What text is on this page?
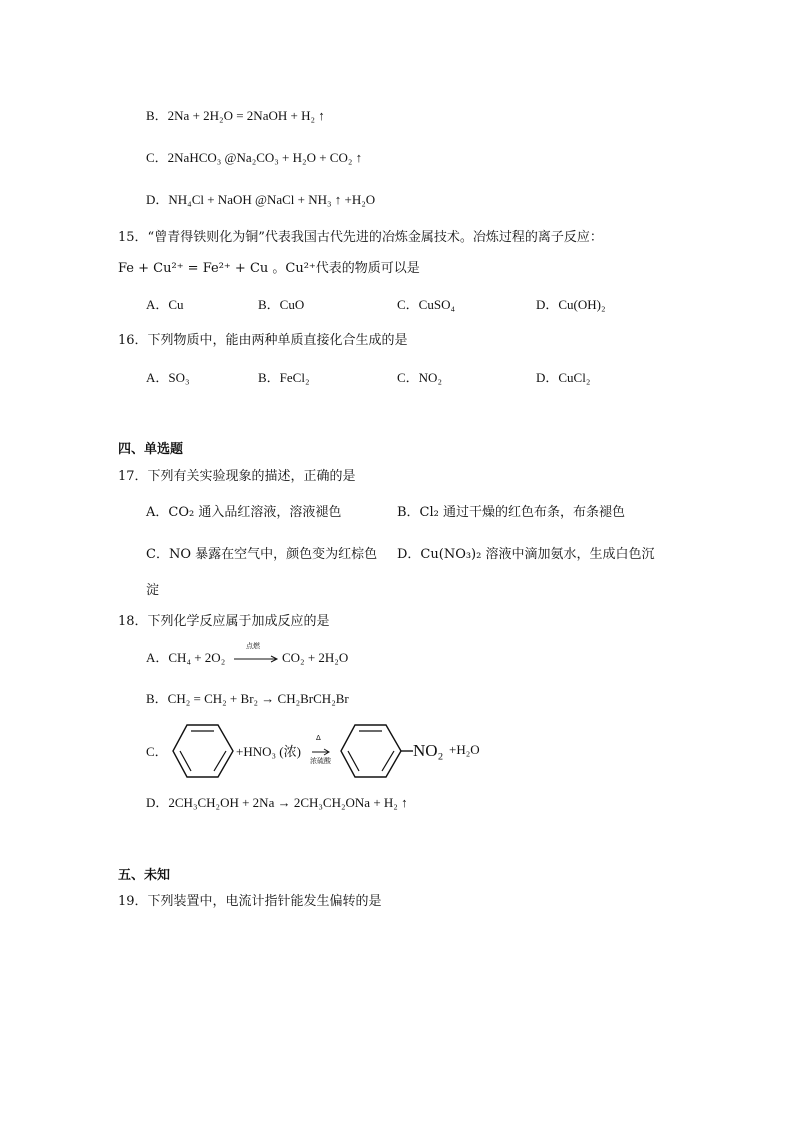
B．2Na + 2H₂O = 2NaOH + H₂ ↑
C．2NaHCO₃ @Na₂CO₃ + H₂O + CO₂ ↑
D．NH₄Cl + NaOH @NaCl + NH₃ ↑ +H₂O
15．“曾青得铁则化为铜”代表我国古代先进的冶炼金属技术。冶炼过程的离子反应：
Fe + Cu²⁺ = Fe²⁺ + Cu 。Cu²⁺代表的物质可以是
A．Cu	B．CuO	C．CuSO₄	D．Cu(OH)₂
16．下列物质中，能由两种单质直接化合生成的是
A．SO₃	B．FeCl₂	C．NO₂	D．CuCl₂
四、单选题
17．下列有关实验现象的描述，正确的是
A．CO₂ 通入品红溶液，溶液褪色	B．Cl₂ 通过干燥的红色布条，布条褪色
C．NO 暴露在空气中，颜色变为红棕色 D．Cu(NO₃)₂ 溶液中滴加氨水，生成白色沉
淀
18．下列化学反应属于加成反应的是
A．CH₄ + 2O₂
点燃
→ CO₂ + 2H₂O
B．CH₂ = CH₂ + Br₂ → CH₂BrCH₂Br
C．	+HNO₃ (浓)
Δ
浓硫酸
NO₂ +H₂O
D．2CH₃CH₂OH + 2Na → 2CH₃CH₂ONa + H₂ ↑
五、未知
19．下列装置中，电流计指针能发生偏转的是
